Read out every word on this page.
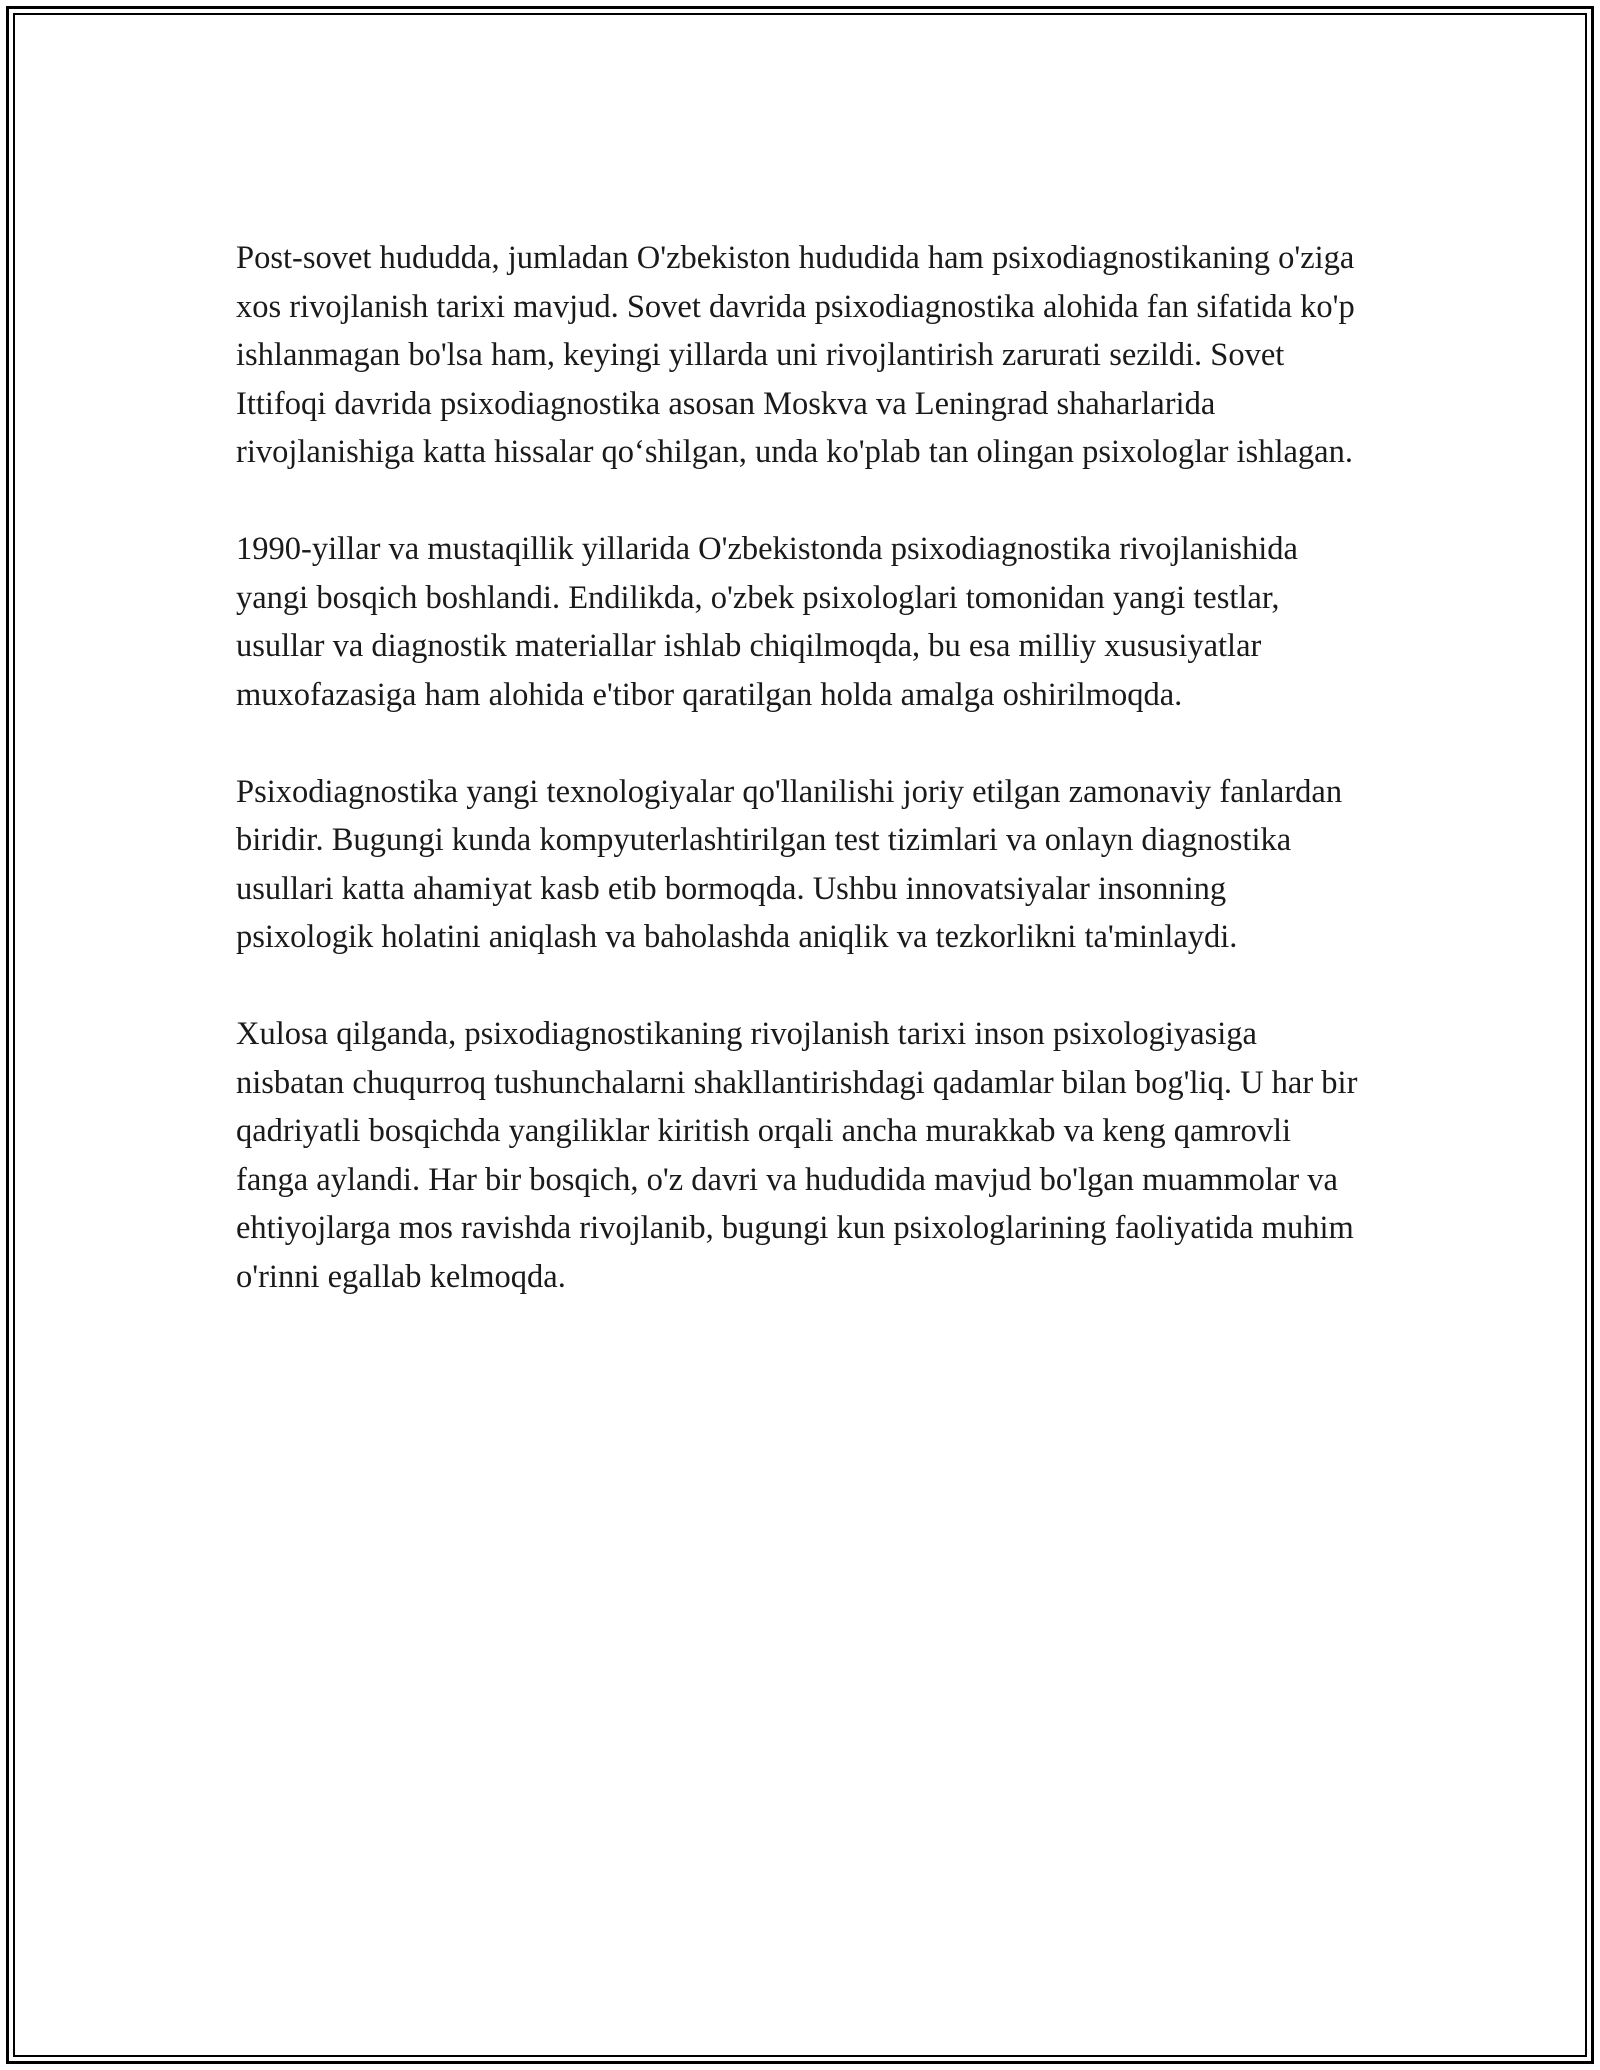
Post-sovet hududda, jumladan O'zbekiston hududida ham psixodiagnostikaning o'ziga xos rivojlanish tarixi mavjud. Sovet davrida psixodiagnostika alohida fan sifatida ko'p ishlanmagan bo'lsa ham, keyingi yillarda uni rivojlantirish zarurati sezildi. Sovet Ittifoqi davrida psixodiagnostika asosan Moskva va Leningrad shaharlarida rivojlanishiga katta hissalar qo‘shilgan, unda ko'plab tan olingan psixologlar ishlagan.

1990-yillar va mustaqillik yillarida O'zbekistonda psixodiagnostika rivojlanishida yangi bosqich boshlandi. Endilikda, o'zbek psixologlari tomonidan yangi testlar, usullar va diagnostik materiallar ishlab chiqilmoqda, bu esa milliy xususiyatlar muxofazasiga ham alohida e'tibor qaratilgan holda amalga oshirilmoqda.

Psixodiagnostika yangi texnologiyalar qo'llanilishi joriy etilgan zamonaviy fanlardan biridir. Bugungi kunda kompyuterlashtirilgan test tizimlari va onlayn diagnostika usullari katta ahamiyat kasb etib bormoqda. Ushbu innovatsiyalar insonning psixologik holatini aniqlash va baholashda aniqlik va tezkorlikni ta'minlaydi.

Xulosa qilganda, psixodiagnostikaning rivojlanish tarixi inson psixologiyasiga nisbatan chuqurroq tushunchalarni shakllantirishdagi qadamlar bilan bog'liq. U har bir qadriyatli bosqichda yangiliklar kiritish orqali ancha murakkab va keng qamrovli fanga aylandi. Har bir bosqich, o'z davri va hududida mavjud bo'lgan muammolar va ehtiyojlarga mos ravishda rivojlanib, bugungi kun psixologlarining faoliyatida muhim o'rinni egallab kelmoqda.
